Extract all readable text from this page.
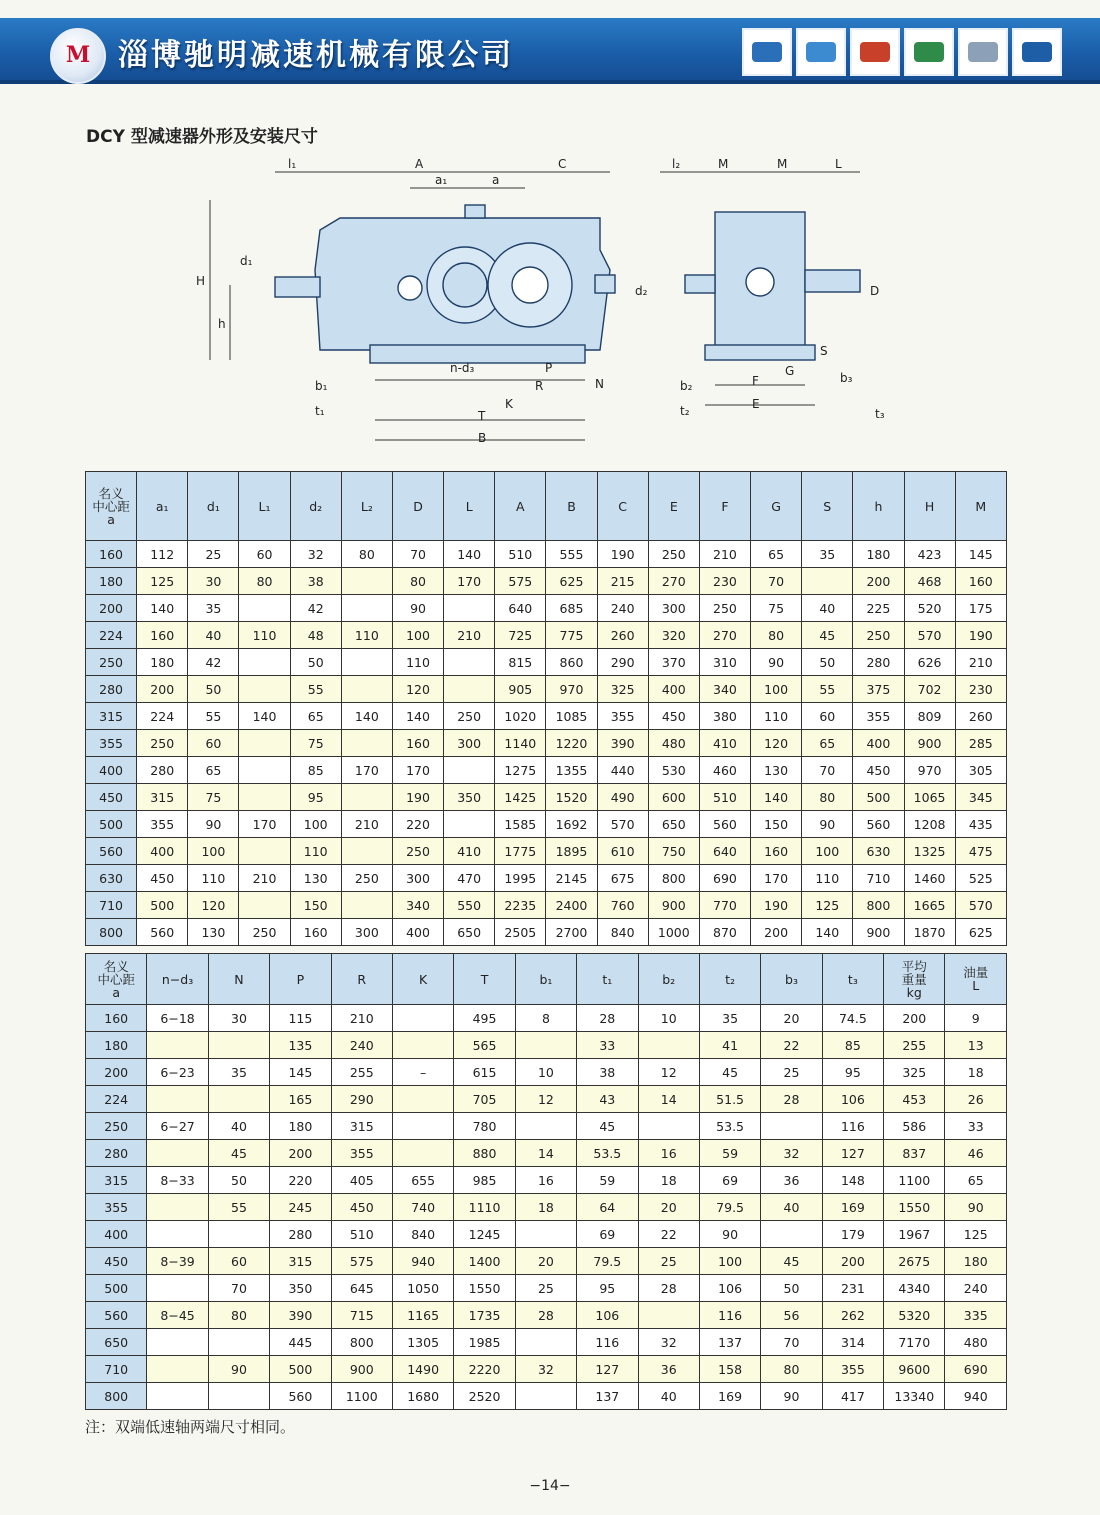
M 淄博驰明减速机械有限公司
DCY 型减速器外形及安装尺寸
l₁	A	C
a₁	a
H
h
d₁
n-d₃	P
R
K
T
B
N
b₁
t₁
l₂	M	M	L
d₂	D
S
G
F
E
b₂
t₂
b₃
t₃
名义
中心距
a	a₁	d₁	L₁	d₂	L₂	D	L	A	B	C	E	F	G	S	h	H	M
160	112	25	60	32	80	70	140	510	555	190	250	210	65	35	180	423	145
180	125	30	80	38		80	170	575	625	215	270	230	70		200	468	160
200	140	35		42		90		640	685	240	300	250	75	40	225	520	175
224	160	40	110	48	110	100	210	725	775	260	320	270	80	45	250	570	190
250	180	42		50		110		815	860	290	370	310	90	50	280	626	210
280	200	50		55		120		905	970	325	400	340	100	55	375	702	230
315	224	55	140	65	140	140	250	1020	1085	355	450	380	110	60	355	809	260
355	250	60		75		160	300	1140	1220	390	480	410	120	65	400	900	285
400	280	65		85	170	170		1275	1355	440	530	460	130	70	450	970	305
450	315	75		95		190	350	1425	1520	490	600	510	140	80	500	1065	345
500	355	90	170	100	210	220		1585	1692	570	650	560	150	90	560	1208	435
560	400	100		110		250	410	1775	1895	610	750	640	160	100	630	1325	475
630	450	110	210	130	250	300	470	1995	2145	675	800	690	170	110	710	1460	525
710	500	120		150		340	550	2235	2400	760	900	770	190	125	800	1665	570
800	560	130	250	160	300	400	650	2505	2700	840	1000	870	200	140	900	1870	625
名义
中心距
a	n−d₃	N	P	R	K	T	b₁	t₁	b₂	t₂	b₃	t₃	平均
重量
kg	油量
L
160	6−18	30	115	210		495	8	28	10	35	20	74.5	200	9
180			135	240		565		33		41	22	85	255	13
200	6−23	35	145	255	–	615	10	38	12	45	25	95	325	18
224			165	290		705	12	43	14	51.5	28	106	453	26
250	6−27	40	180	315		780		45		53.5		116	586	33
280		45	200	355		880	14	53.5	16	59	32	127	837	46
315	8−33	50	220	405	655	985	16	59	18	69	36	148	1100	65
355		55	245	450	740	1110	18	64	20	79.5	40	169	1550	90
400			280	510	840	1245		69	22	90		179	1967	125
450	8−39	60	315	575	940	1400	20	79.5	25	100	45	200	2675	180
500		70	350	645	1050	1550	25	95	28	106	50	231	4340	240
560	8−45	80	390	715	1165	1735	28	106		116	56	262	5320	335
650			445	800	1305	1985		116	32	137	70	314	7170	480
710		90	500	900	1490	2220	32	127	36	158	80	355	9600	690
800			560	1100	1680	2520		137	40	169	90	417	13340	940
注：双端低速轴两端尺寸相同。
−14−
